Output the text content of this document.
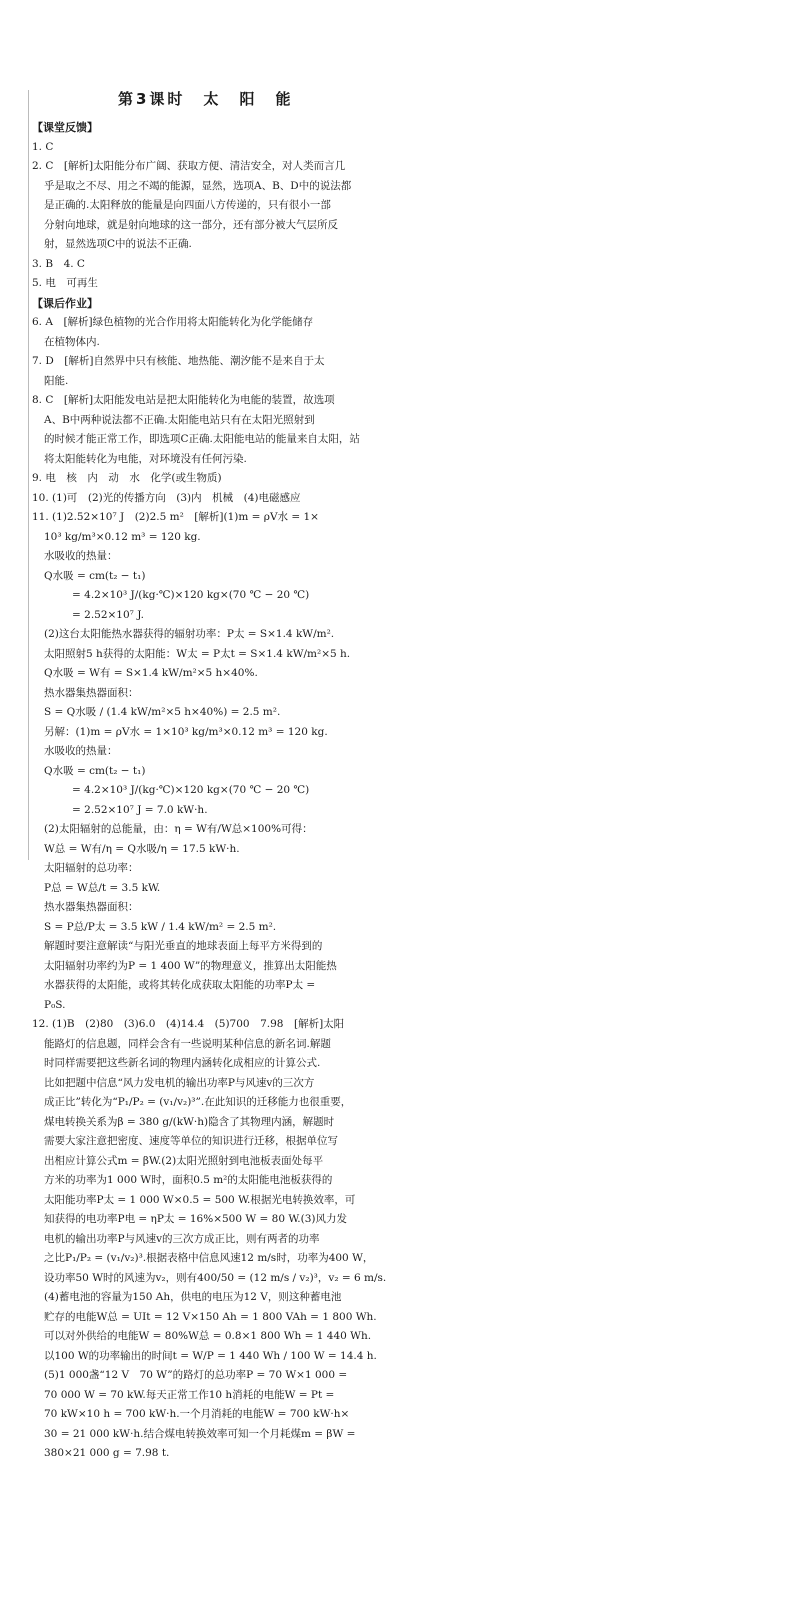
第3课时　太　阳　能

【课堂反馈】

1. C

2. C　[解析]太阳能分布广阔、获取方便、清洁安全，对人类而言几

乎是取之不尽、用之不竭的能源，显然，选项A、B、D中的说法都

是正确的.太阳释放的能量是向四面八方传递的，只有很小一部

分射向地球，就是射向地球的这一部分，还有部分被大气层所反

射，显然选项C中的说法不正确.

3. B　4. C

5. 电　可再生

【课后作业】

6. A　[解析]绿色植物的光合作用将太阳能转化为化学能储存

在植物体内.

7. D　[解析]自然界中只有核能、地热能、潮汐能不是来自于太

阳能.

8. C　[解析]太阳能发电站是把太阳能转化为电能的装置，故选项

A、B中两种说法都不正确.太阳能电站只有在太阳光照射到

的时候才能正常工作，即选项C正确.太阳能电站的能量来自太阳，站

将太阳能转化为电能，对环境没有任何污染.

9. 电　核　内　动　水　化学(或生物质)

10. (1)可　(2)光的传播方向　(3)内　机械　(4)电磁感应

11. (1)2.52×10⁷ J　(2)2.5 m²　[解析](1)m = ρV水 = 1×

10³ kg/m³×0.12 m³ = 120 kg.

水吸收的热量：

Q水吸 = cm(t₂ − t₁)

= 4.2×10³ J/(kg·℃)×120 kg×(70 ℃ − 20 ℃)

= 2.52×10⁷ J.

(2)这台太阳能热水器获得的辐射功率：P太 = S×1.4 kW/m².

太阳照射5 h获得的太阳能：W太 = P太t = S×1.4 kW/m²×5 h.

Q水吸 = W有 = S×1.4 kW/m²×5 h×40%.

热水器集热器面积：

S = Q水吸 / (1.4 kW/m²×5 h×40%) = 2.5 m².

另解：(1)m = ρV水 = 1×10³ kg/m³×0.12 m³ = 120 kg.

水吸收的热量：

Q水吸 = cm(t₂ − t₁)

= 4.2×10³ J/(kg·℃)×120 kg×(70 ℃ − 20 ℃)

= 2.52×10⁷ J = 7.0 kW·h.

(2)太阳辐射的总能量，由：η = W有/W总×100%可得：

W总 = W有/η = Q水吸/η = 17.5 kW·h.

太阳辐射的总功率：

P总 = W总/t = 3.5 kW.

热水器集热器面积：

S = P总/P太 = 3.5 kW / 1.4 kW/m² = 2.5 m².

解题时要注意解读“与阳光垂直的地球表面上每平方米得到的

太阳辐射功率约为P = 1 400 W”的物理意义，推算出太阳能热

水器获得的太阳能，或将其转化成获取太阳能的功率P太 =

P₀S.

12. (1)B　(2)80　(3)6.0　(4)14.4　(5)700　7.98　[解析]太阳

能路灯的信息题，同样会含有一些说明某种信息的新名词.解题

时同样需要把这些新名词的物理内涵转化成相应的计算公式.

比如把题中信息“风力发电机的输出功率P与风速v的三次方

成正比”转化为“P₁/P₂ = (v₁/v₂)³”.在此知识的迁移能力也很重要，

煤电转换关系为β = 380 g/(kW·h)隐含了其物理内涵，解题时

需要大家注意把密度、速度等单位的知识进行迁移，根据单位写

出相应计算公式m = βW.(2)太阳光照射到电池板表面处每平

方米的功率为1 000 W时，面积0.5 m²的太阳能电池板获得的

太阳能功率P太 = 1 000 W×0.5 = 500 W.根据光电转换效率，可

知获得的电功率P电 = ηP太 = 16%×500 W = 80 W.(3)风力发

电机的输出功率P与风速v的三次方成正比，则有两者的功率

之比P₁/P₂ = (v₁/v₂)³.根据表格中信息风速12 m/s时，功率为400 W，

设功率50 W时的风速为v₂，则有400/50 = (12 m/s / v₂)³，v₂ = 6 m/s.

(4)蓄电池的容量为150 Ah，供电的电压为12 V，则这种蓄电池

贮存的电能W总 = UIt = 12 V×150 Ah = 1 800 VAh = 1 800 Wh.

可以对外供给的电能W = 80%W总 = 0.8×1 800 Wh = 1 440 Wh.

以100 W的功率输出的时间t = W/P = 1 440 Wh / 100 W = 14.4 h.

(5)1 000盏“12 V　70 W”的路灯的总功率P = 70 W×1 000 =

70 000 W = 70 kW.每天正常工作10 h消耗的电能W = Pt =

70 kW×10 h = 700 kW·h.一个月消耗的电能W = 700 kW·h×

30 = 21 000 kW·h.结合煤电转换效率可知一个月耗煤m = βW =

380×21 000 g = 7.98 t.
